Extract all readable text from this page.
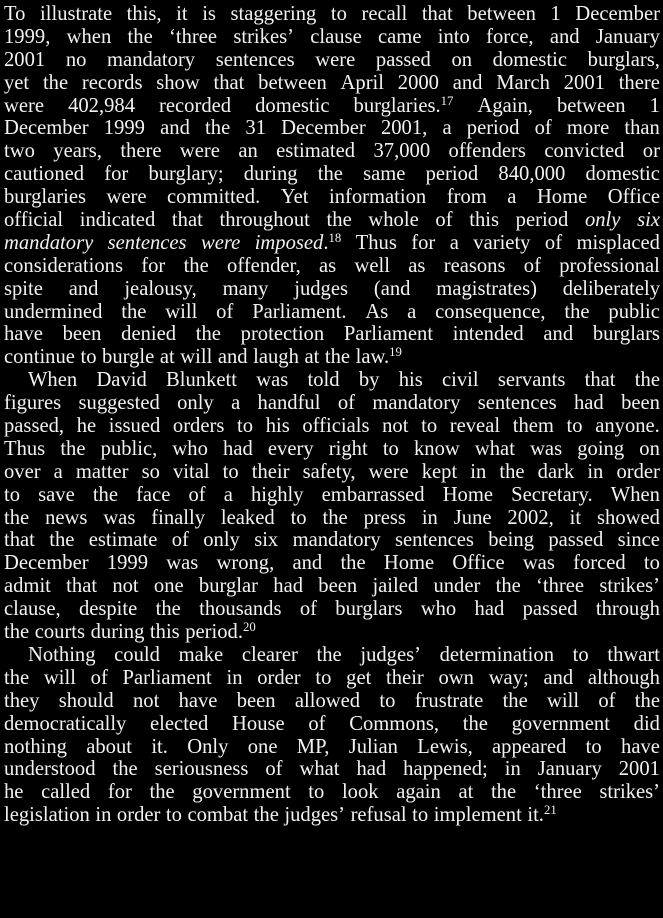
To illustrate this, it is staggering to recall that between 1 December
1999, when the ‘three strikes’ clause came into force, and January
2001 no mandatory sentences were passed on domestic burglars,
yet the records show that between April 2000 and March 2001 there
were 402,984 recorded domestic burglaries.$^{17}$ Again, between 1
December 1999 and the 31 December 2001, a period of more than
two years, there were an estimated 37,000 offenders convicted or
cautioned for burglary; during the same period 840,000 domestic
burglaries were committed. Yet information from a Home Office
official indicated that throughout the whole of this period only six
mandatory sentences were imposed.$^{18}$ Thus for a variety of misplaced
considerations for the offender, as well as reasons of professional
spite and jealousy, many judges (and magistrates) deliberately
undermined the will of Parliament. As a consequence, the public
have been denied the protection Parliament intended and burglars
continue to burgle at will and laugh at the law.$^{19}$
When David Blunkett was told by his civil servants that the
figures suggested only a handful of mandatory sentences had been
passed, he issued orders to his officials not to reveal them to anyone.
Thus the public, who had every right to know what was going on
over a matter so vital to their safety, were kept in the dark in order
to save the face of a highly embarrassed Home Secretary. When
the news was finally leaked to the press in June 2002, it showed
that the estimate of only six mandatory sentences being passed since
December 1999 was wrong, and the Home Office was forced to
admit that not one burglar had been jailed under the ‘three strikes’
clause, despite the thousands of burglars who had passed through
the courts during this period.$^{20}$
Nothing could make clearer the judges’ determination to thwart
the will of Parliament in order to get their own way; and although
they should not have been allowed to frustrate the will of the
democratically elected House of Commons, the government did
nothing about it. Only one MP, Julian Lewis, appeared to have
understood the seriousness of what had happened; in January 2001
he called for the government to look again at the ‘three strikes’
legislation in order to combat the judges’ refusal to implement it.$^{21}$
